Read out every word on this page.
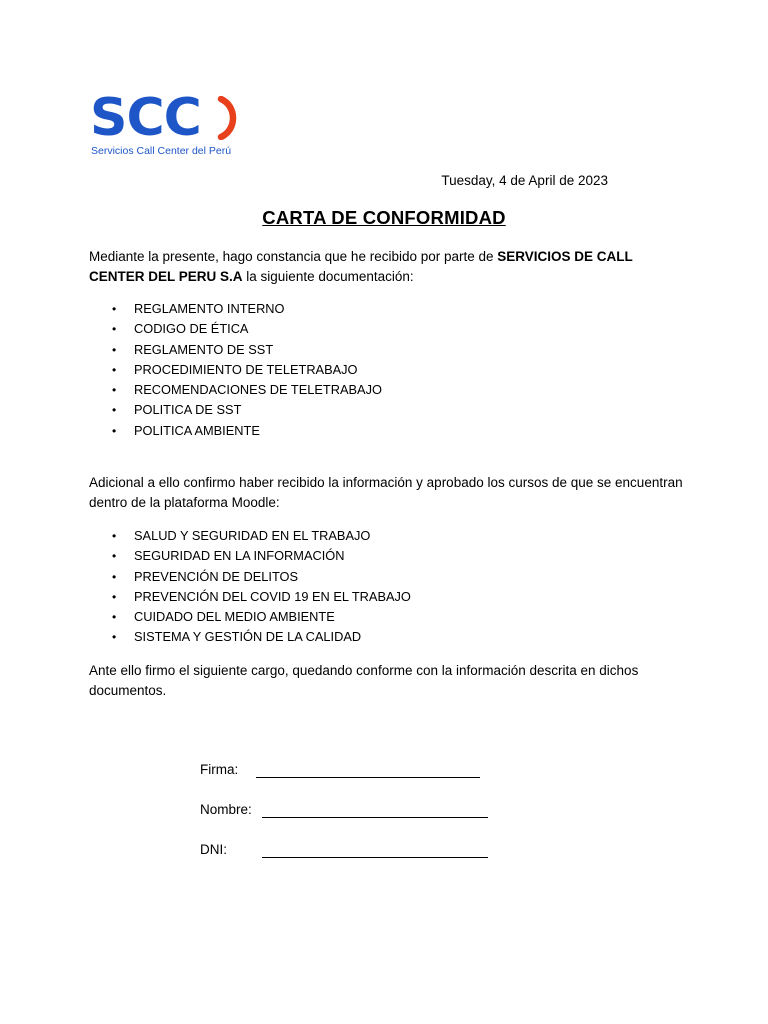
SCC
Servicios Call Center del Perú
Tuesday, 4 de April de 2023
CARTA DE CONFORMIDAD
Mediante la presente, hago constancia que he recibido por parte de SERVICIOS DE CALL CENTER DEL PERU S.A la siguiente documentación:
• REGLAMENTO INTERNO
• CODIGO DE ÉTICA
• REGLAMENTO DE SST
• PROCEDIMIENTO DE TELETRABAJO
• RECOMENDACIONES DE TELETRABAJO
• POLITICA DE SST
• POLITICA AMBIENTE
Adicional a ello confirmo haber recibido la información y aprobado los cursos de que se encuentran dentro de la plataforma Moodle:
• SALUD Y SEGURIDAD EN EL TRABAJO
• SEGURIDAD EN LA INFORMACIÓN
• PREVENCIÓN DE DELITOS
• PREVENCIÓN DEL COVID 19 EN EL TRABAJO
• CUIDADO DEL MEDIO AMBIENTE
• SISTEMA Y GESTIÓN DE LA CALIDAD
Ante ello firmo el siguiente cargo, quedando conforme con la información descrita en dichos documentos.
Firma:
Nombre:
DNI:
